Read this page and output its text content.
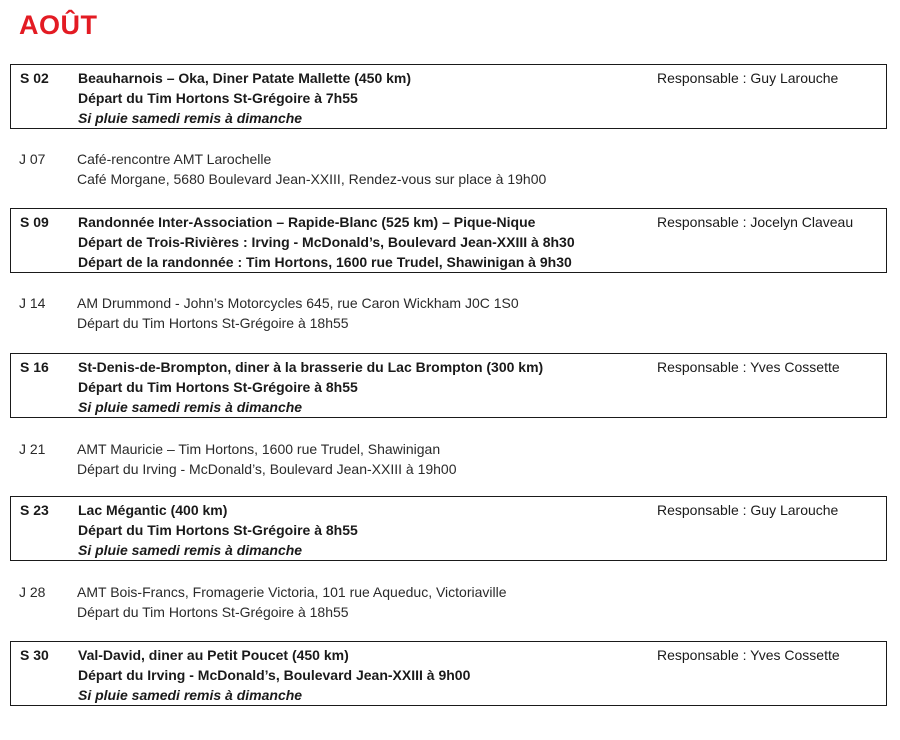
AOÛT
S 02 Beauharnois – Oka, Diner Patate Mallette (450 km)
Départ du Tim Hortons St-Grégoire à 7h55
Si pluie samedi remis à dimanche
Responsable : Guy Larouche
J 07 Café-rencontre AMT Larochelle
Café Morgane, 5680 Boulevard Jean-XXIII, Rendez-vous sur place à 19h00
S 09 Randonnée Inter-Association – Rapide-Blanc (525 km) – Pique-Nique
Départ de Trois-Rivières : Irving - McDonald’s, Boulevard Jean-XXIII à 8h30
Départ de la randonnée : Tim Hortons, 1600 rue Trudel, Shawinigan à 9h30
Responsable : Jocelyn Claveau
J 14 AM Drummond - John’s Motorcycles 645, rue Caron Wickham J0C 1S0
Départ du Tim Hortons St-Grégoire à 18h55
S 16 St-Denis-de-Brompton, diner à la brasserie du Lac Brompton (300 km)
Départ du Tim Hortons St-Grégoire à 8h55
Si pluie samedi remis à dimanche
Responsable : Yves Cossette
J 21 AMT Mauricie – Tim Hortons, 1600 rue Trudel, Shawinigan
Départ du Irving - McDonald’s, Boulevard Jean-XXIII à 19h00
S 23 Lac Mégantic (400 km)
Départ du Tim Hortons St-Grégoire à 8h55
Si pluie samedi remis à dimanche
Responsable : Guy Larouche
J 28 AMT Bois-Francs, Fromagerie Victoria, 101 rue Aqueduc, Victoriaville
Départ du Tim Hortons St-Grégoire à 18h55
S 30 Val-David, diner au Petit Poucet (450 km)
Départ du Irving - McDonald’s, Boulevard Jean-XXIII à 9h00
Si pluie samedi remis à dimanche
Responsable : Yves Cossette
